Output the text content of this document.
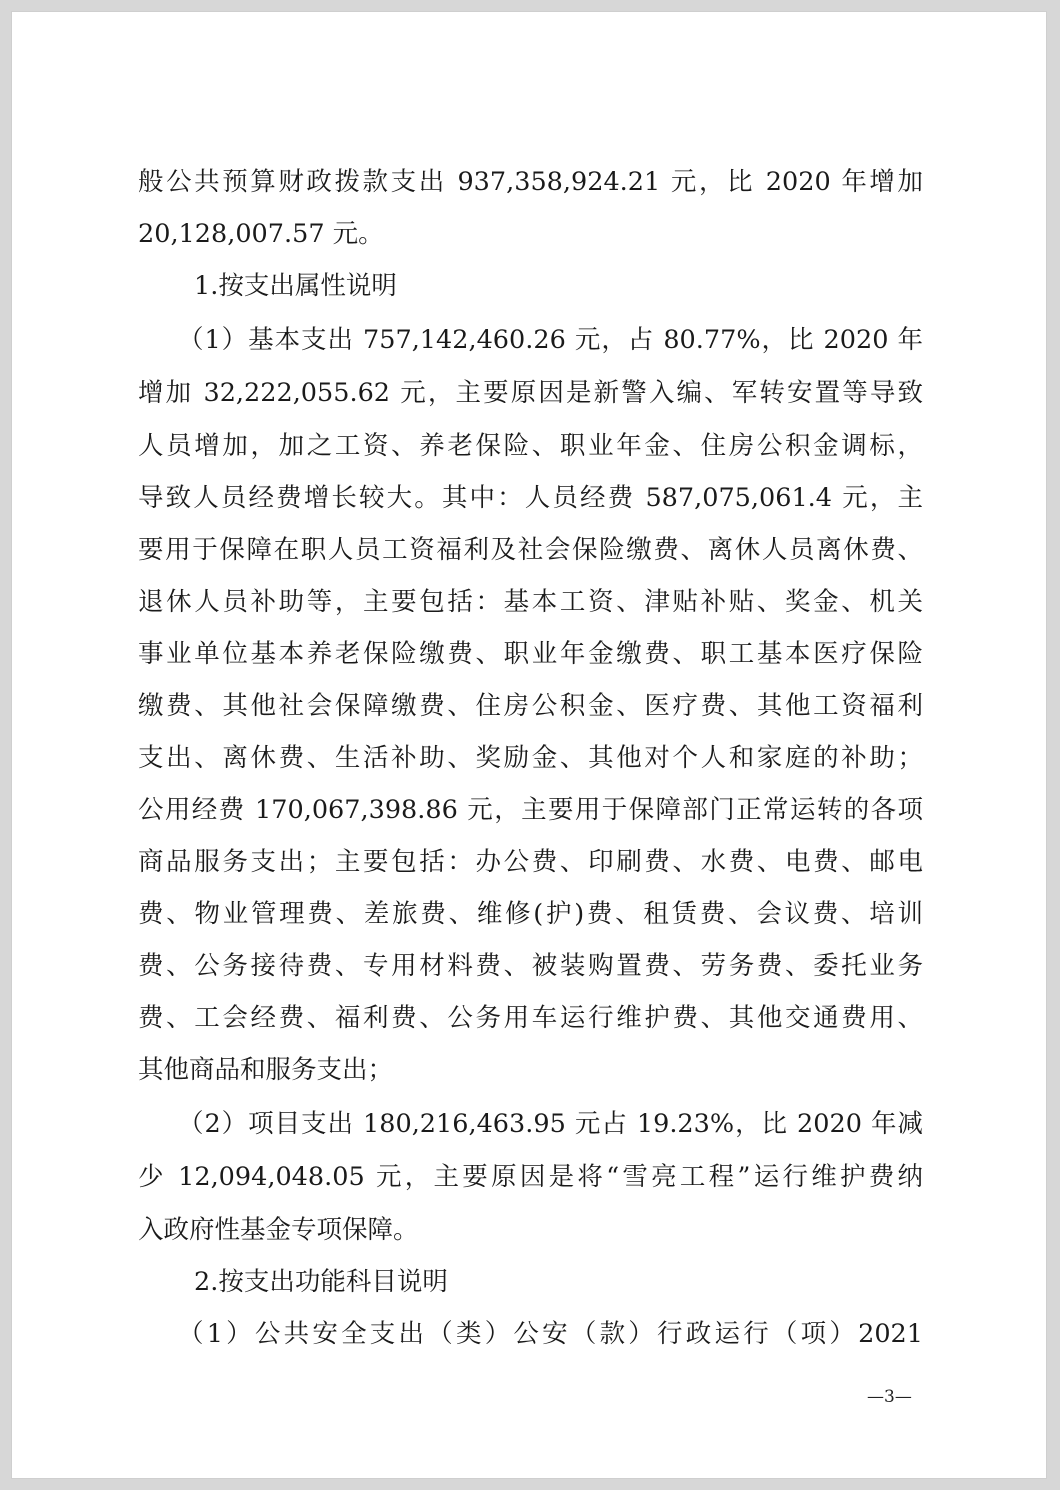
般公共预算财政拨款支出 937,358,924.21 元，比 2020 年增加
20,128,007.57 元。
1.按支出属性说明
（1）基本支出 757,142,460.26 元，占 80.77%，比 2020 年
增加 32,222,055.62 元，主要原因是新警入编、军转安置等导致
人员增加，加之工资、养老保险、职业年金、住房公积金调标，
导致人员经费增长较大。其中：人员经费 587,075,061.4 元，主
要用于保障在职人员工资福利及社会保险缴费、离休人员离休费、
退休人员补助等，主要包括：基本工资、津贴补贴、奖金、机关
事业单位基本养老保险缴费、职业年金缴费、职工基本医疗保险
缴费、其他社会保障缴费、住房公积金、医疗费、其他工资福利
支出、离休费、生活补助、奖励金、其他对个人和家庭的补助；
公用经费 170,067,398.86 元，主要用于保障部门正常运转的各项
商品服务支出；主要包括：办公费、印刷费、水费、电费、邮电
费、物业管理费、差旅费、维修(护)费、租赁费、会议费、培训
费、公务接待费、专用材料费、被装购置费、劳务费、委托业务
费、工会经费、福利费、公务用车运行维护费、其他交通费用、
其他商品和服务支出；
（2）项目支出 180,216,463.95 元占 19.23%，比 2020 年减
少 12,094,048.05 元，主要原因是将“雪亮工程”运行维护费纳
入政府性基金专项保障。
2.按支出功能科目说明
（1）公共安全支出（类）公安（款）行政运行（项）2021
—3—
